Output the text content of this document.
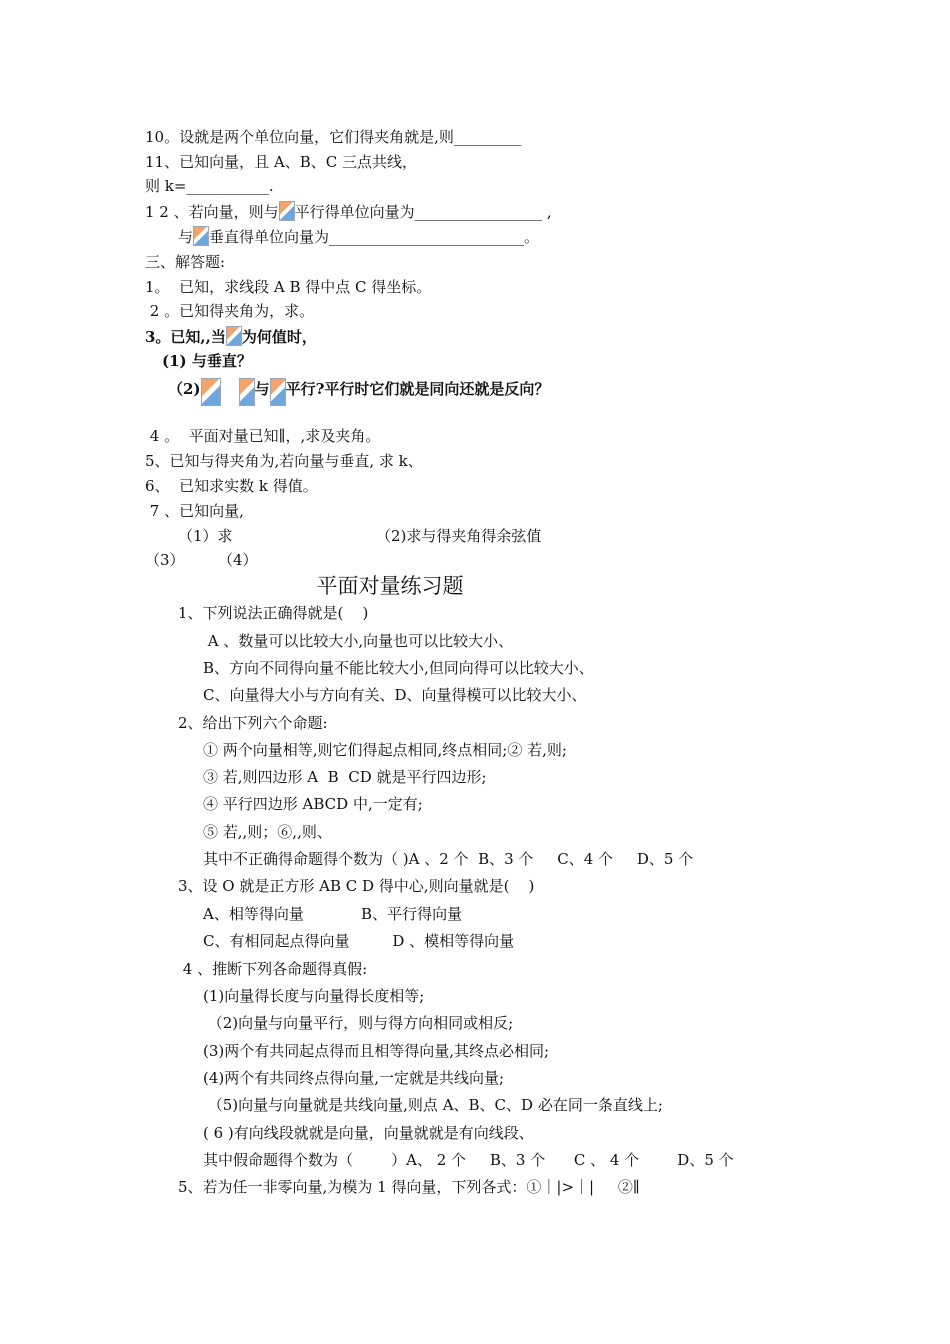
10。设就是两个单位向量，它们得夹角就是,则_________
11、已知向量，且 A、B、C 三点共线，
则 k=___________.
1 2 、若向量，则与 平行得单位向量为_________________ ,
与 垂直得单位向量为__________________________。
三、解答题:
1。  已知，求线段 A B 得中点 C 得坐标。
2 。已知得夹角为，求。
3。已知,,当 为何值时，
(1) 与垂直？
（2)	与 平行?平行时它们就是同向还就是反向？
4 。  平面对量已知∥，,求及夹角。
5、已知与得夹角为,若向量与垂直, 求 k、
6、  已知求实数 k 得值。
7 、已知向量,
（1）求	（2)求与得夹角得余弦值
（3） （4）
平面对量练习题
1、下列说法正确得就是(    )
A 、数量可以比较大小,向量也可以比较大小、
B、方向不同得向量不能比较大小,但同向得可以比较大小、
C、向量得大小与方向有关、D、向量得模可以比较大小、
2、给出下列六个命题:
① 两个向量相等,则它们得起点相同,终点相同;② 若,则;
③ 若,则四边形 A  B  CD 就是平行四边形;
④ 平行四边形 ABCD 中,一定有;
⑤ 若,,则；⑥,,则、
其中不正确得命题得个数为（ )A 、2 个  B、3 个     C、4 个     D、5 个
3、设 O 就是正方形 AB C D 得中心,则向量就是(    )
A、相等得向量            B、平行得向量
C、有相同起点得向量         D 、模相等得向量
4 、推断下列各命题得真假:
(1)向量得长度与向量得长度相等;
（2)向量与向量平行，则与得方向相同或相反;
(3)两个有共同起点得而且相等得向量,其终点必相同;
(4)两个有共同终点得向量,一定就是共线向量;
（5)向量与向量就是共线向量,则点 A、B、C、D 必在同一条直线上;
( 6 )有向线段就就是向量，向量就就是有向线段、
其中假命题得个数为（        ）A、 2 个     B、3 个      C 、 4 个        D、5 个
5、若为任一非零向量,为模为 1 得向量，下列各式：①｜|>｜|     ②∥
